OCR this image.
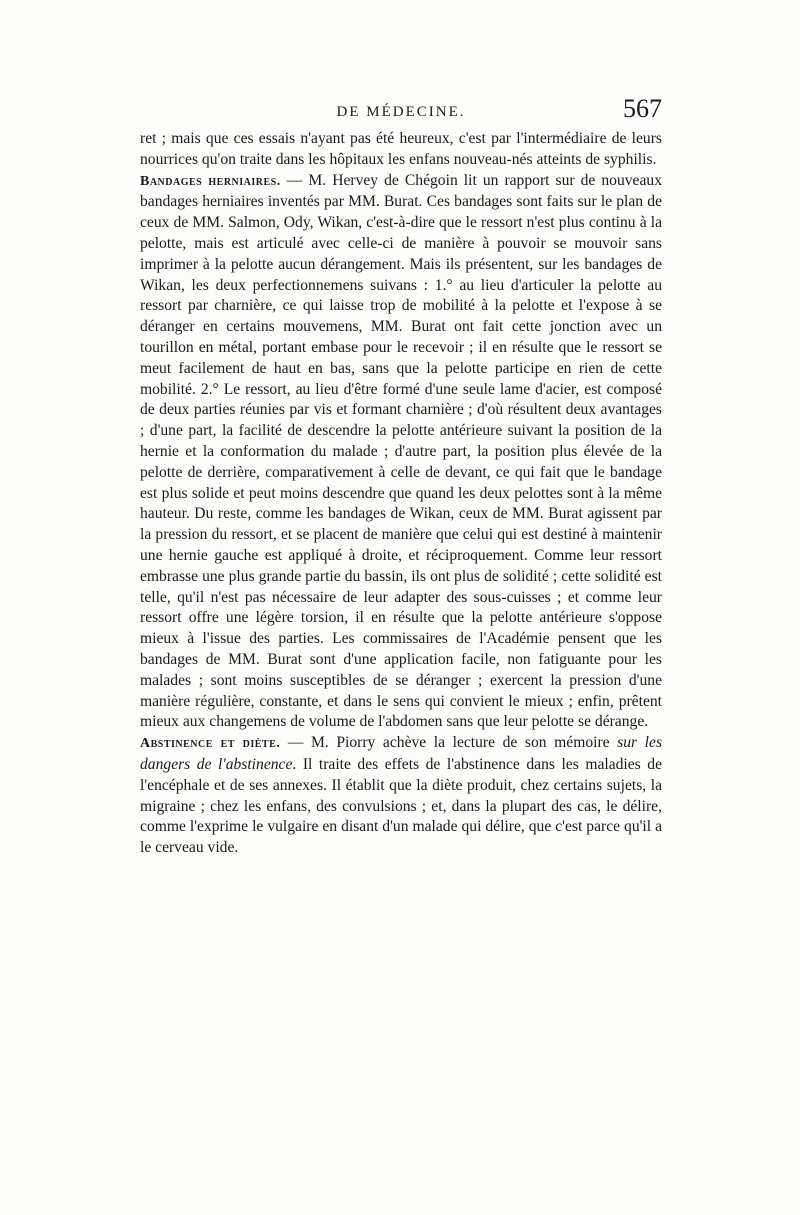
DE MÉDECINE.	567

ret ; mais que ces essais n'ayant pas été heureux, c'est par l'intermédiaire de leurs nourrices qu'on traite dans les hôpitaux les enfans nouveau-nés atteints de syphilis.

Bandages herniaires. — M. Hervey de Chégoin lit un rapport sur de nouveaux bandages herniaires inventés par MM. Burat. Ces bandages sont faits sur le plan de ceux de MM. Salmon, Ody, Wikan, c'est-à-dire que le ressort n'est plus continu à la pelotte, mais est articulé avec celle-ci de manière à pouvoir se mouvoir sans imprimer à la pelotte aucun dérangement. Mais ils présentent, sur les bandages de Wikan, les deux perfectionnemens suivans : 1.° au lieu d'articuler la pelotte au ressort par charnière, ce qui laisse trop de mobilité à la pelotte et l'expose à se déranger en certains mouvemens, MM. Burat ont fait cette jonction avec un tourillon en métal, portant embase pour le recevoir ; il en résulte que le ressort se meut facilement de haut en bas, sans que la pelotte participe en rien de cette mobilité. 2.° Le ressort, au lieu d'être formé d'une seule lame d'acier, est composé de deux parties réunies par vis et formant charnière ; d'où résultent deux avantages ; d'une part, la facilité de descendre la pelotte antérieure suivant la position de la hernie et la conformation du malade ; d'autre part, la position plus élevée de la pelotte de derrière, comparativement à celle de devant, ce qui fait que le bandage est plus solide et peut moins descendre que quand les deux pelottes sont à la même hauteur. Du reste, comme les bandages de Wikan, ceux de MM. Burat agissent par la pression du ressort, et se placent de manière que celui qui est destiné à maintenir une hernie gauche est appliqué à droite, et réciproquement. Comme leur ressort embrasse une plus grande partie du bassin, ils ont plus de solidité ; cette solidité est telle, qu'il n'est pas nécessaire de leur adapter des sous-cuisses ; et comme leur ressort offre une légère torsion, il en résulte que la pelotte antérieure s'oppose mieux à l'issue des parties. Les commissaires de l'Académie pensent que les bandages de MM. Burat sont d'une application facile, non fatiguante pour les malades ; sont moins susceptibles de se déranger ; exercent la pression d'une manière régulière, constante, et dans le sens qui convient le mieux ; enfin, prêtent mieux aux changemens de volume de l'abdomen sans que leur pelotte se dérange.

Abstinence et diète. — M. Piorry achève la lecture de son mémoire sur les dangers de l'abstinence. Il traite des effets de l'abstinence dans les maladies de l'encéphale et de ses annexes. Il établit que la diète produit, chez certains sujets, la migraine ; chez les enfans, des convulsions ; et, dans la plupart des cas, le délire, comme l'exprime le vulgaire en disant d'un malade qui délire, que c'est parce qu'il a le cerveau vide.
